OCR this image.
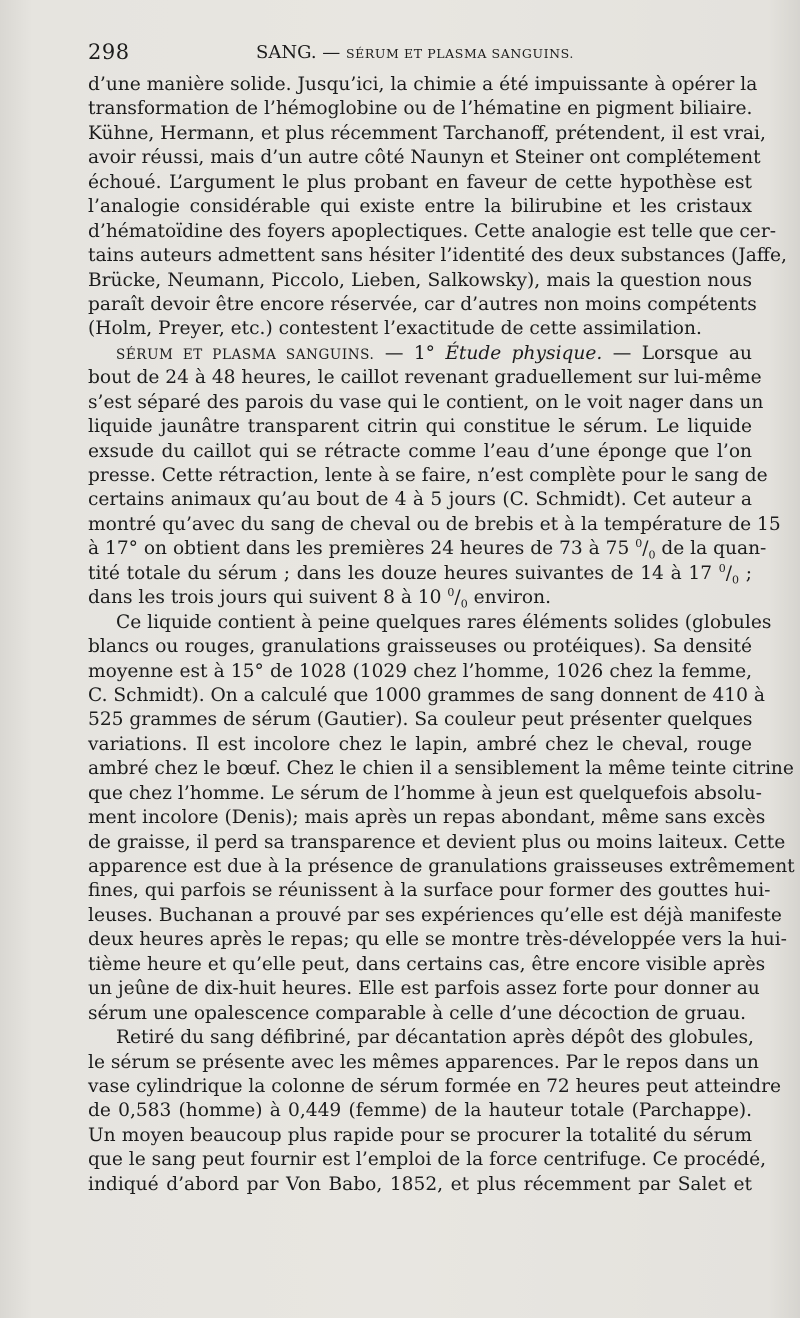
298	SANG. — SÉRUM ET PLASMA SANGUINS.
d’une manière solide. Jusqu’ici, la chimie a été impuissante à opérer la
transformation de l’hémoglobine ou de l’hématine en pigment biliaire.
Kühne, Hermann, et plus récemment Tarchanoff, prétendent, il est vrai,
avoir réussi, mais d’un autre côté Naunyn et Steiner ont complétement
échoué. L’argument le plus probant en faveur de cette hypothèse est
l’analogie considérable qui existe entre la bilirubine et les cristaux
d’hématoïdine des foyers apoplectiques. Cette analogie est telle que cer-
tains auteurs admettent sans hésiter l’identité des deux substances (Jaffe,
Brücke, Neumann, Piccolo, Lieben, Salkowsky), mais la question nous
paraît devoir être encore réservée, car d’autres non moins compétents
(Holm, Preyer, etc.) contestent l’exactitude de cette assimilation.
SÉRUM ET PLASMA SANGUINS. — 1° Étude physique. — Lorsque au
bout de 24 à 48 heures, le caillot revenant graduellement sur lui-même
s’est séparé des parois du vase qui le contient, on le voit nager dans un
liquide jaunâtre transparent citrin qui constitue le sérum. Le liquide
exsude du caillot qui se rétracte comme l’eau d’une éponge que l’on
presse. Cette rétraction, lente à se faire, n’est complète pour le sang de
certains animaux qu’au bout de 4 à 5 jours (C. Schmidt). Cet auteur a
montré qu’avec du sang de cheval ou de brebis et à la température de 15
à 17° on obtient dans les premières 24 heures de 73 à 75 $^0/_0$ de la quan-
tité totale du sérum ; dans les douze heures suivantes de 14 à 17 $^0/_0$ ;
dans les trois jours qui suivent 8 à 10 $^0/_0$ environ.
Ce liquide contient à peine quelques rares éléments solides (globules
blancs ou rouges, granulations graisseuses ou protéiques). Sa densité
moyenne est à 15° de 1028 (1029 chez l’homme, 1026 chez la femme,
C. Schmidt). On a calculé que 1000 grammes de sang donnent de 410 à
525 grammes de sérum (Gautier). Sa couleur peut présenter quelques
variations. Il est incolore chez le lapin, ambré chez le cheval, rouge
ambré chez le bœuf. Chez le chien il a sensiblement la même teinte citrine
que chez l’homme. Le sérum de l’homme à jeun est quelquefois absolu-
ment incolore (Denis); mais après un repas abondant, même sans excès
de graisse, il perd sa transparence et devient plus ou moins laiteux. Cette
apparence est due à la présence de granulations graisseuses extrêmement
fines, qui parfois se réunissent à la surface pour former des gouttes hui-
leuses. Buchanan a prouvé par ses expériences qu’elle est déjà manifeste
deux heures après le repas; qu elle se montre très-développée vers la hui-
tième heure et qu’elle peut, dans certains cas, être encore visible après
un jeûne de dix-huit heures. Elle est parfois assez forte pour donner au
sérum une opalescence comparable à celle d’une décoction de gruau.
Retiré du sang défibriné, par décantation après dépôt des globules,
le sérum se présente avec les mêmes apparences. Par le repos dans un
vase cylindrique la colonne de sérum formée en 72 heures peut atteindre
de 0,583 (homme) à 0,449 (femme) de la hauteur totale (Parchappe).
Un moyen beaucoup plus rapide pour se procurer la totalité du sérum
que le sang peut fournir est l’emploi de la force centrifuge. Ce procédé,
indiqué d’abord par Von Babo, 1852, et plus récemment par Salet et
